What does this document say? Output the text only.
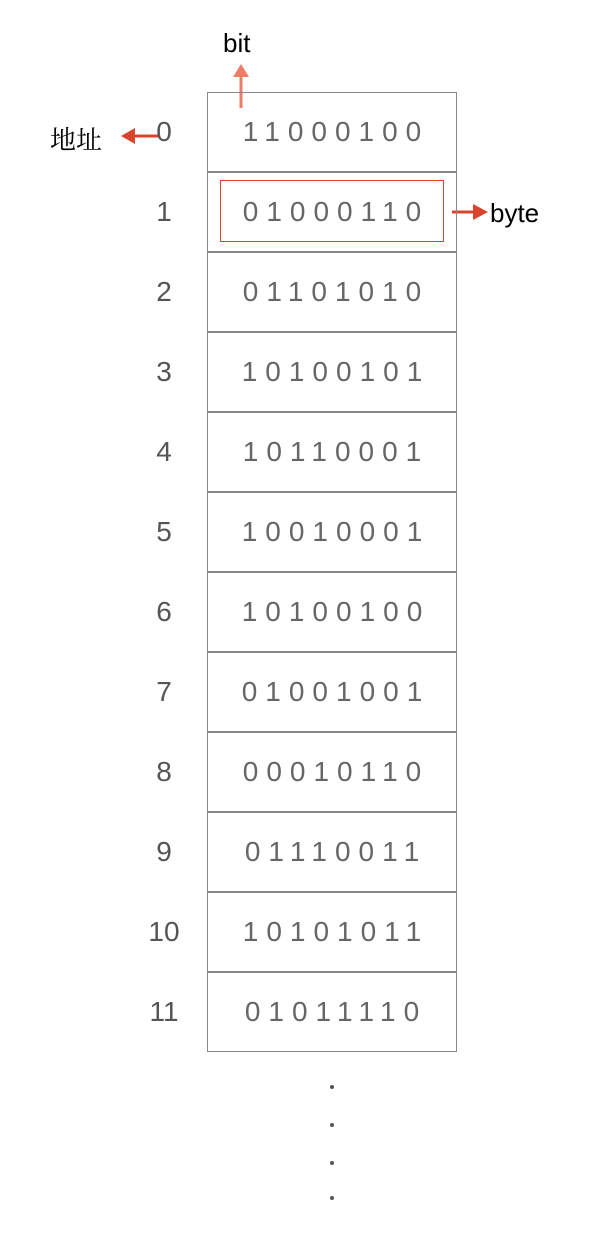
bit
地址
byte
0	11000100
1	01000110
2	01101010
3	10100101
4	10110001
5	10010001
6	10100100
7	01001001
8	00010110
9	01110011
10	10101011
11	01011110
